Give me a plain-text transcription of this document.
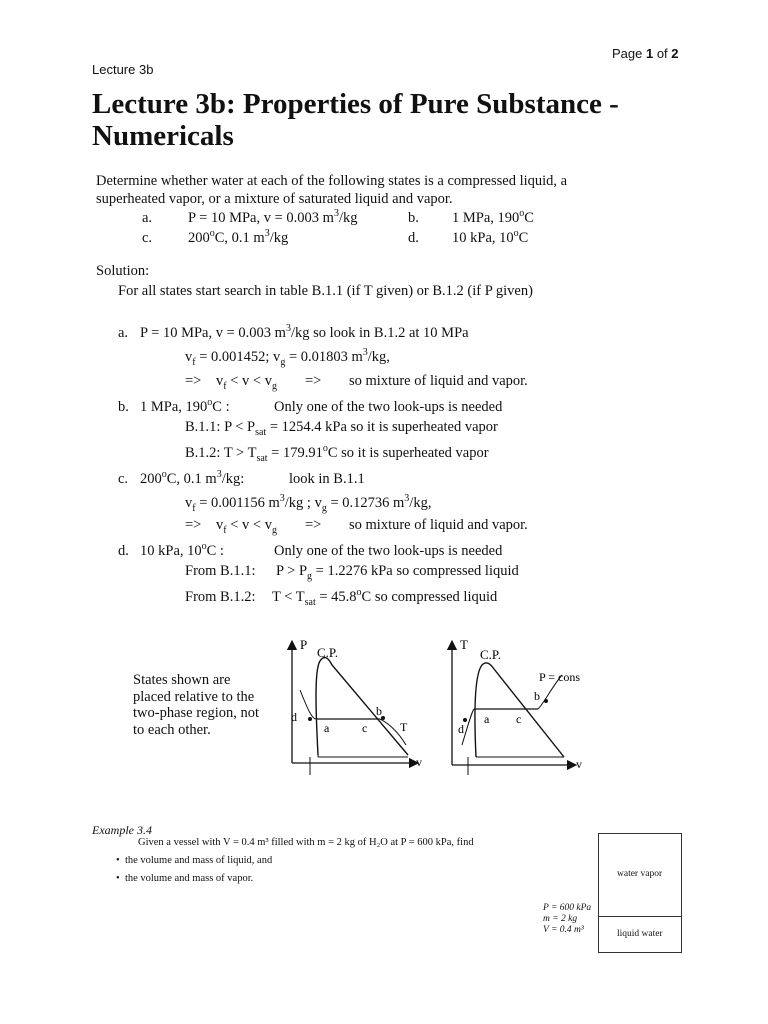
Page 1 of 2
Lecture 3b
Lecture 3b: Properties of Pure Substance - Numericals
Determine whether water at each of the following states is a compressed liquid, a
superheated vapor, or a mixture of saturated liquid and vapor.
a. P = 10 MPa, v = 0.003 $m^3/kg$	b. 1 MPa, 190$^o$C
c. 200$^o$C, 0.1 $m^3/kg$	d. 10 kPa, 10$^o$C
Solution:
For all states start search in table B.1.1 (if T given) or B.1.2 (if P given)
a. P = 10 MPa, v = 0.003 $m^3/kg$ so look in B.1.2 at 10 MPa
$v_f = 0.001452$; $v_g = 0.01803$ $m^3/kg$,
=> $v_f < v < v_g$ => so mixture of liquid and vapor.
b. 1 MPa, 190$^o$C :	Only one of the two look-ups is needed
B.1.1: $P < P_{sat} = 1254.4$ kPa so it is superheated vapor
B.1.2: $T > T_{sat} = 179.91^oC$ so it is superheated vapor
c. 200$^o$C, 0.1 $m^3/kg$:	look in B.1.1
$v_f = 0.001156$ $m^3/kg$ ; $v_g = 0.12736$ $m^3/kg$,
=> $v_f < v < v_g$ => so mixture of liquid and vapor.
d. 10 kPa, 10$^o$C :	Only one of the two look-ups is needed
From B.1.1: $P > P_g = 1.2276$ kPa so compressed liquid
From B.1.2: $T < T_{sat} = 45.8^oC$ so compressed liquid
States shown are
placed relative to the
two-phase region, not
to each other.
P
v
C.P.
d
a
b
c	T
T
v
C.P.
d
a
b
c
P = cons
Example 3.4
Given a vessel with V = 0.4 m³ filled with m = 2 kg of H₂O at P = 600 kPa, find
•  the volume and mass of liquid, and
•  the volume and mass of vapor.
P = 600 kPa
m = 2 kg
V = 0.4 m³
water vapor
liquid water
